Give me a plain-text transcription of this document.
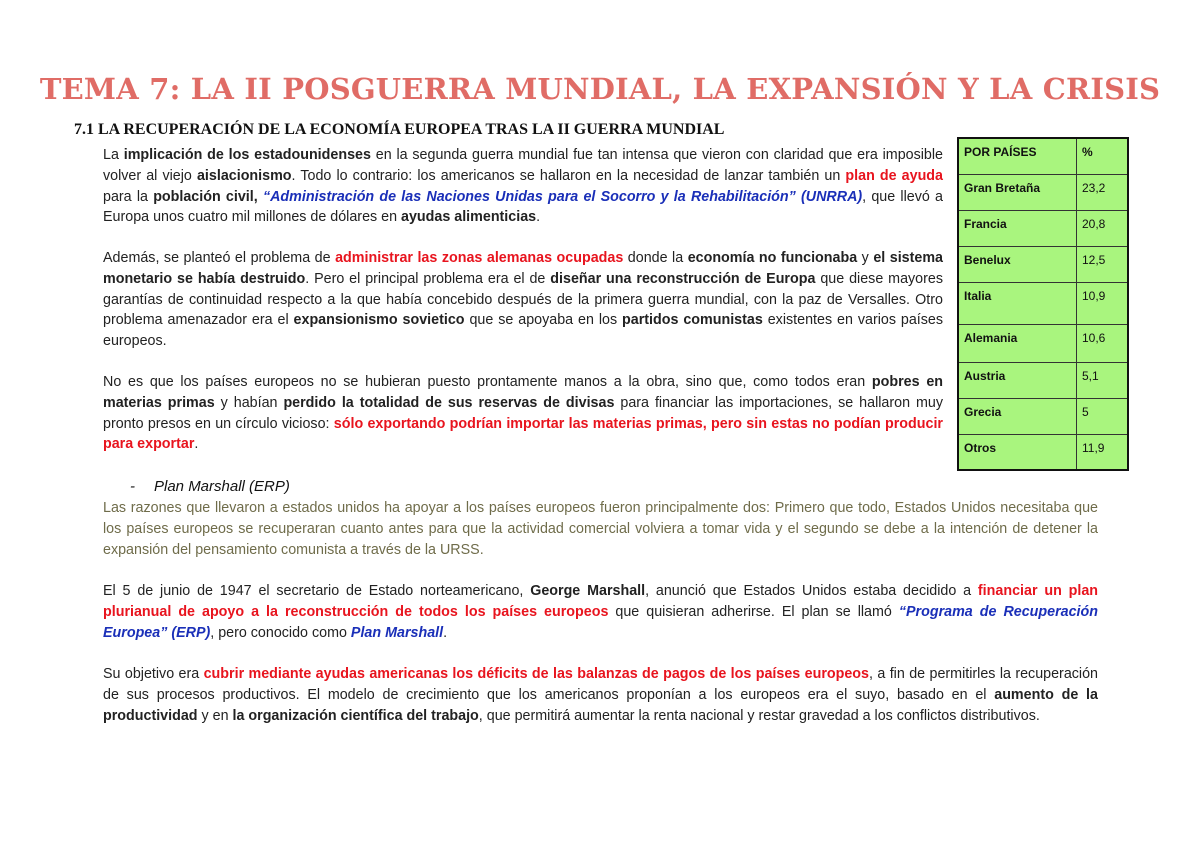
TEMA 7: LA II POSGUERRA MUNDIAL, LA EXPANSIÓN Y LA CRISIS
7.1 LA RECUPERACIÓN DE LA ECONOMÍA EUROPEA TRAS LA II GUERRA MUNDIAL

La implicación de los estadounidenses en la segunda guerra mundial fue tan intensa que vieron con claridad que era imposible volver al viejo aislacionismo. Todo lo contrario: los americanos se hallaron en la necesidad de lanzar también un plan de ayuda para la población civil, “Administración de las Naciones Unidas para el Socorro y la Rehabilitación” (UNRRA), que llevó a Europa unos cuatro mil millones de dólares en ayudas alimenticias.

Además, se planteó el problema de administrar las zonas alemanas ocupadas donde la economía no funcionaba y el sistema monetario se había destruido. Pero el principal problema era el de diseñar una reconstrucción de Europa que diese mayores garantías de continuidad respecto a la que había concebido después de la primera guerra mundial, con la paz de Versalles. Otro problema amenazador era el expansionismo sovietico que se apoyaba en los partidos comunistas existentes en varios países europeos.

No es que los países europeos no se hubieran puesto prontamente manos a la obra, sino que, como todos eran pobres en materias primas y habían perdido la totalidad de sus reservas de divisas para financiar las importaciones, se hallaron muy pronto presos en un círculo vicioso: sólo exportando podrían importar las materias primas, pero sin estas no podían producir para exportar.

- Plan Marshall (ERP)

Las razones que llevaron a estados unidos ha apoyar a los países europeos fueron principalmente dos: Primero que todo, Estados Unidos necesitaba que los países europeos se recuperaran cuanto antes para que la actividad comercial volviera a tomar vida y el segundo se debe a la intención de detener la expansión del pensamiento comunista a través de la URSS.

El 5 de junio de 1947 el secretario de Estado norteamericano, George Marshall, anunció que Estados Unidos estaba decidido a financiar un plan plurianual de apoyo a la reconstrucción de todos los países europeos que quisieran adherirse. El plan se llamó “Programa de Recuperación Europea” (ERP), pero conocido como Plan Marshall.

Su objetivo era cubrir mediante ayudas americanas los déficits de las balanzas de pagos de los países europeos, a fin de permitirles la recuperación de sus procesos productivos. El modelo de crecimiento que los americanos proponían a los europeos era el suyo, basado en el aumento de la productividad y en la organización científica del trabajo, que permitirá aumentar la renta nacional y restar gravedad a los conflictos distributivos.

POR PAÍSES	%
Gran Bretaña	23,2
Francia	20,8
Benelux	12,5
Italia	10,9
Alemania	10,6
Austria	5,1
Grecia	5
Otros	11,9
